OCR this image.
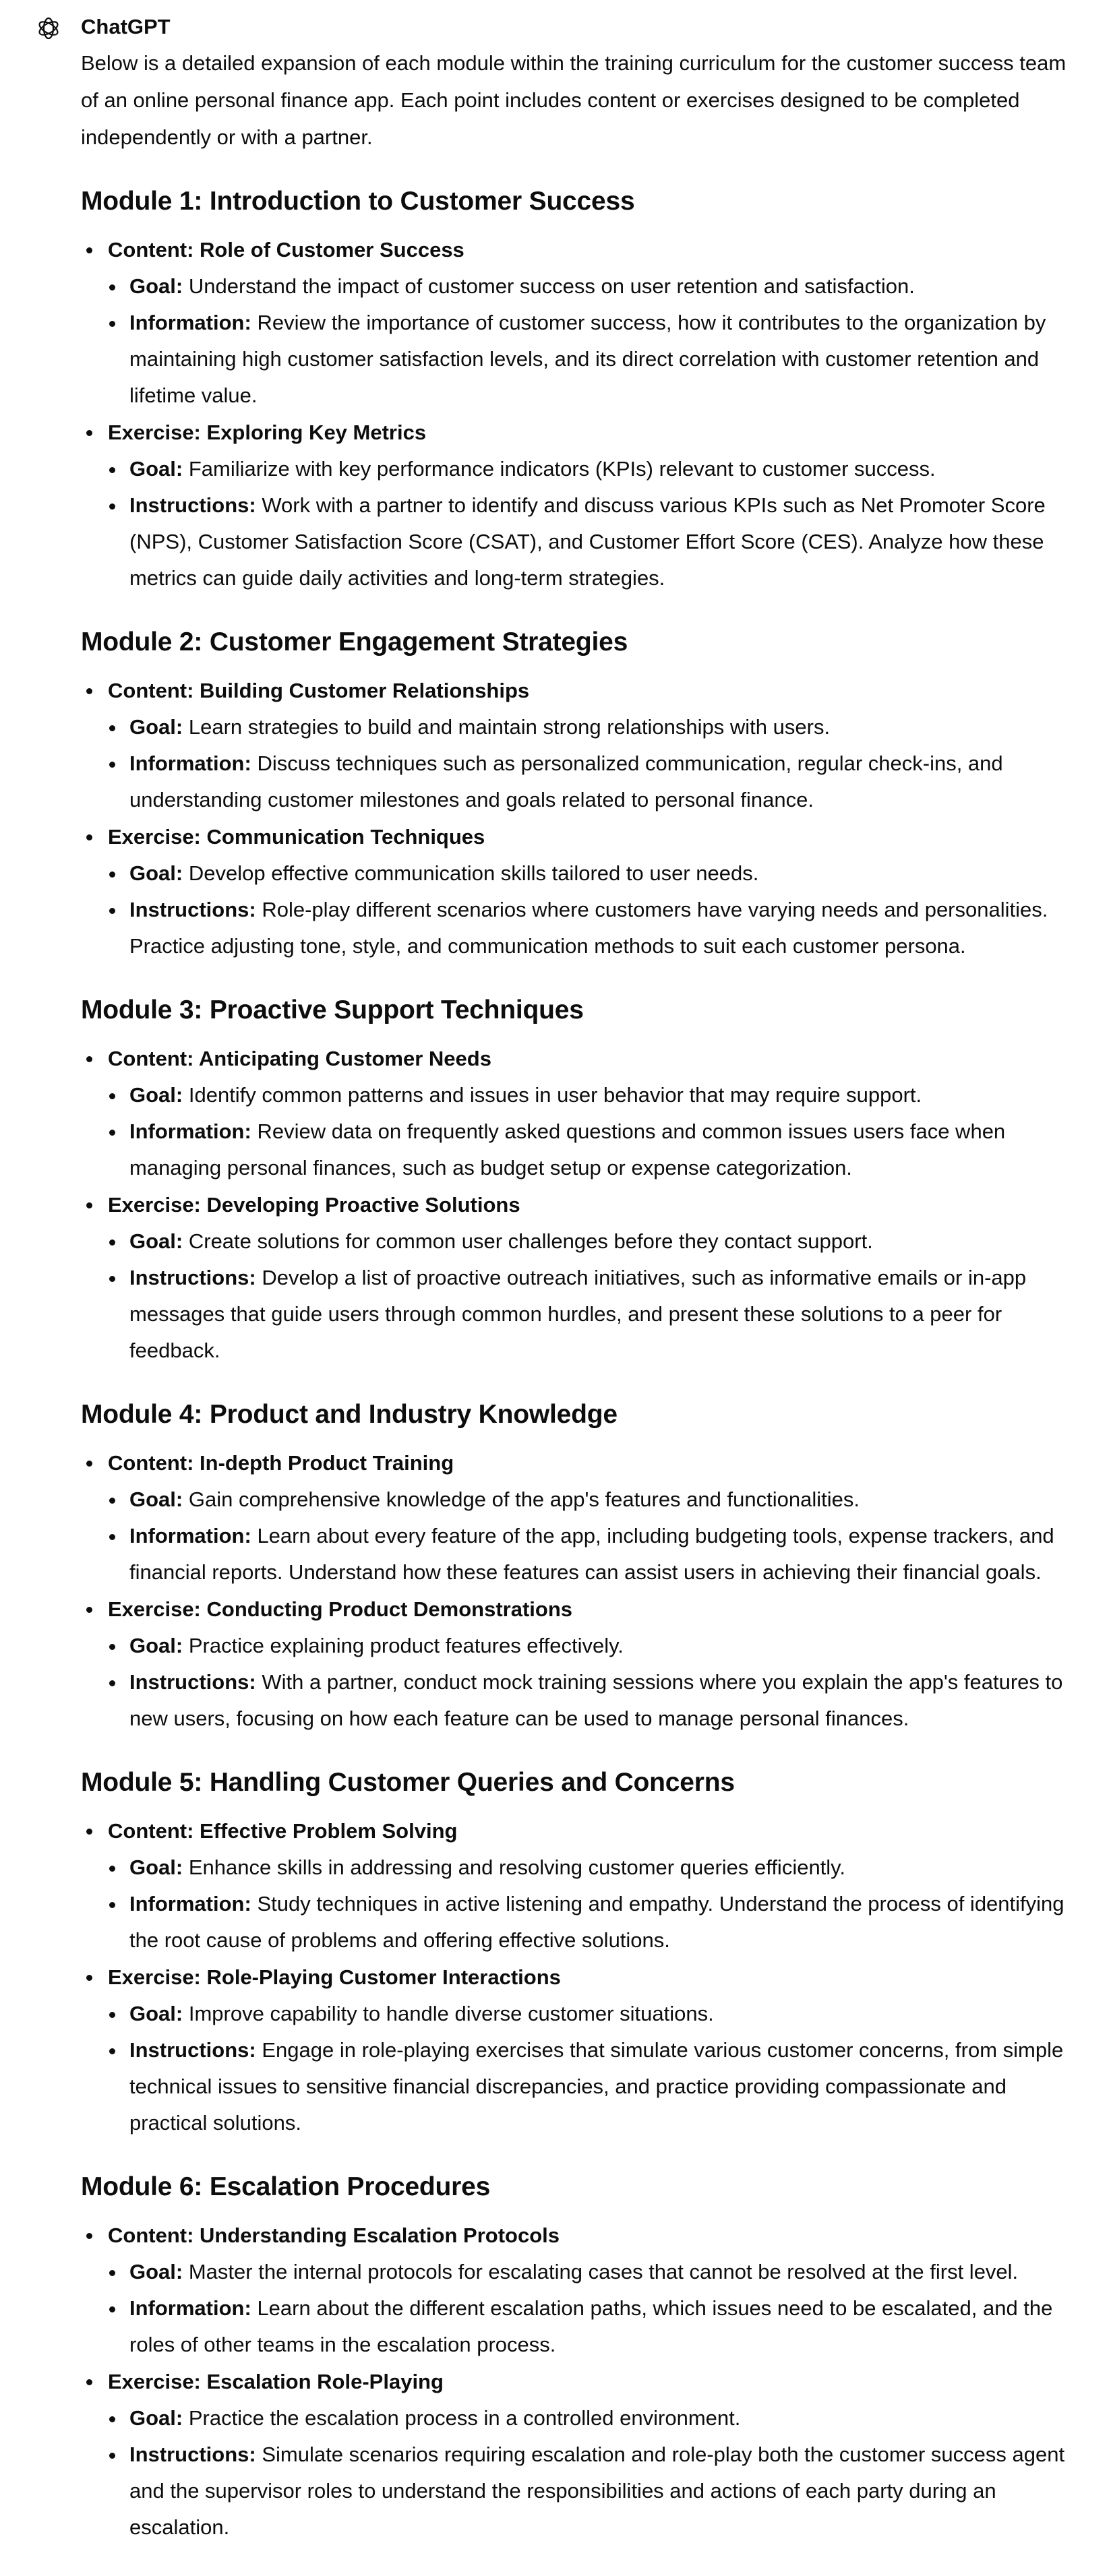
ChatGPT

Below is a detailed expansion of each module within the training curriculum for the customer success team of an online personal finance app. Each point includes content or exercises designed to be completed independently or with a partner.

Module 1: Introduction to Customer Success
Content: Role of Customer Success
Goal: Understand the impact of customer success on user retention and satisfaction.
Information: Review the importance of customer success, how it contributes to the organization by maintaining high customer satisfaction levels, and its direct correlation with customer retention and lifetime value.
Exercise: Exploring Key Metrics
Goal: Familiarize with key performance indicators (KPIs) relevant to customer success.
Instructions: Work with a partner to identify and discuss various KPIs such as Net Promoter Score (NPS), Customer Satisfaction Score (CSAT), and Customer Effort Score (CES). Analyze how these metrics can guide daily activities and long-term strategies.
Module 2: Customer Engagement Strategies
Content: Building Customer Relationships
Goal: Learn strategies to build and maintain strong relationships with users.
Information: Discuss techniques such as personalized communication, regular check-ins, and understanding customer milestones and goals related to personal finance.
Exercise: Communication Techniques
Goal: Develop effective communication skills tailored to user needs.
Instructions: Role-play different scenarios where customers have varying needs and personalities. Practice adjusting tone, style, and communication methods to suit each customer persona.
Module 3: Proactive Support Techniques
Content: Anticipating Customer Needs
Goal: Identify common patterns and issues in user behavior that may require support.
Information: Review data on frequently asked questions and common issues users face when managing personal finances, such as budget setup or expense categorization.
Exercise: Developing Proactive Solutions
Goal: Create solutions for common user challenges before they contact support.
Instructions: Develop a list of proactive outreach initiatives, such as informative emails or in-app messages that guide users through common hurdles, and present these solutions to a peer for feedback.
Module 4: Product and Industry Knowledge
Content: In-depth Product Training
Goal: Gain comprehensive knowledge of the app's features and functionalities.
Information: Learn about every feature of the app, including budgeting tools, expense trackers, and financial reports. Understand how these features can assist users in achieving their financial goals.
Exercise: Conducting Product Demonstrations
Goal: Practice explaining product features effectively.
Instructions: With a partner, conduct mock training sessions where you explain the app's features to new users, focusing on how each feature can be used to manage personal finances.
Module 5: Handling Customer Queries and Concerns
Content: Effective Problem Solving
Goal: Enhance skills in addressing and resolving customer queries efficiently.
Information: Study techniques in active listening and empathy. Understand the process of identifying the root cause of problems and offering effective solutions.
Exercise: Role-Playing Customer Interactions
Goal: Improve capability to handle diverse customer situations.
Instructions: Engage in role-playing exercises that simulate various customer concerns, from simple technical issues to sensitive financial discrepancies, and practice providing compassionate and practical solutions.
Module 6: Escalation Procedures
Content: Understanding Escalation Protocols
Goal: Master the internal protocols for escalating cases that cannot be resolved at the first level.
Information: Learn about the different escalation paths, which issues need to be escalated, and the roles of other teams in the escalation process.
Exercise: Escalation Role-Playing
Goal: Practice the escalation process in a controlled environment.
Instructions: Simulate scenarios requiring escalation and role-play both the customer success agent and the supervisor roles to understand the responsibilities and actions of each party during an escalation.
